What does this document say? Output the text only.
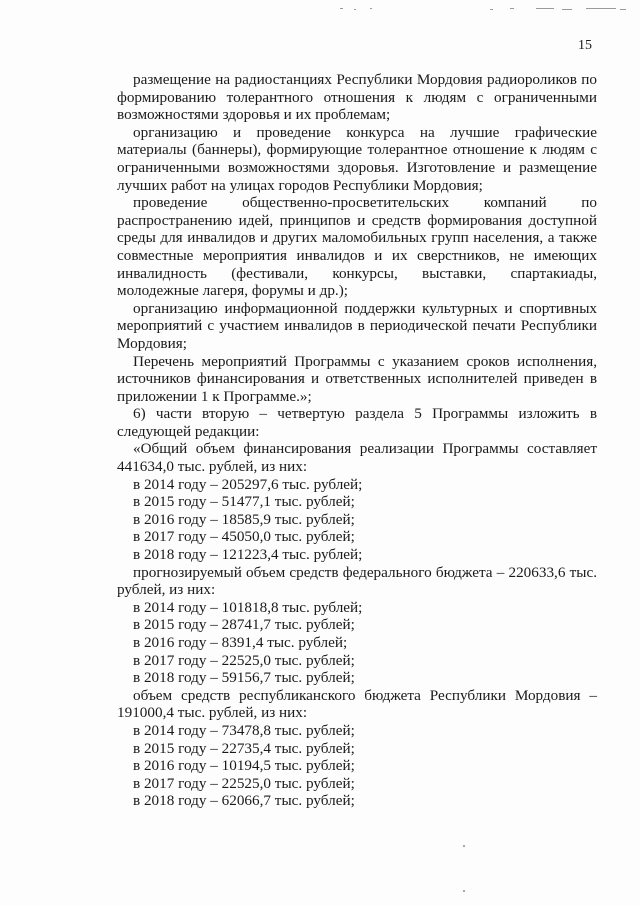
15

размещение на радиостанциях Республики Мордовия радиороликов по формированию толерантного отношения к людям с ограниченными возможностями здоровья и их проблемам;

организацию и проведение конкурса на лучшие графические материалы (баннеры), формирующие толерантное отношение к людям с ограниченными возможностями здоровья. Изготовление и размещение лучших работ на улицах городов Республики Мордовия;

проведение общественно-просветительских компаний по распространению идей, принципов и средств формирования доступной среды для инвалидов и других маломобильных групп населения, а также совместные мероприятия инвалидов и их сверстников, не имеющих инвалидность (фестивали, конкурсы, выставки, спартакиады, молодежные лагеря, форумы и др.);

организацию информационной поддержки культурных и спортивных мероприятий с участием инвалидов в периодической печати Республики Мордовия;

Перечень мероприятий Программы с указанием сроков исполнения, источников финансирования и ответственных исполнителей приведен в приложении 1 к Программе.»;

6) части вторую – четвертую раздела 5 Программы изложить в следующей редакции:

«Общий объем финансирования реализации Программы составляет 441634,0 тыс. рублей, из них:

в 2014 году – 205297,6 тыс. рублей;

в 2015 году – 51477,1 тыс. рублей;

в 2016 году – 18585,9 тыс. рублей;

в 2017 году – 45050,0 тыс. рублей;

в 2018 году – 121223,4 тыс. рублей;

прогнозируемый объем средств федерального бюджета – 220633,6 тыс. рублей, из них:

в 2014 году – 101818,8 тыс. рублей;

в 2015 году – 28741,7 тыс. рублей;

в 2016 году – 8391,4 тыс. рублей;

в 2017 году – 22525,0 тыс. рублей;

в 2018 году – 59156,7 тыс. рублей;

объем средств республиканского бюджета Республики Мордовия – 191000,4 тыс. рублей, из них:

в 2014 году – 73478,8 тыс. рублей;

в 2015 году – 22735,4 тыс. рублей;

в 2016 году – 10194,5 тыс. рублей;

в 2017 году – 22525,0 тыс. рублей;

в 2018 году – 62066,7 тыс. рублей;
